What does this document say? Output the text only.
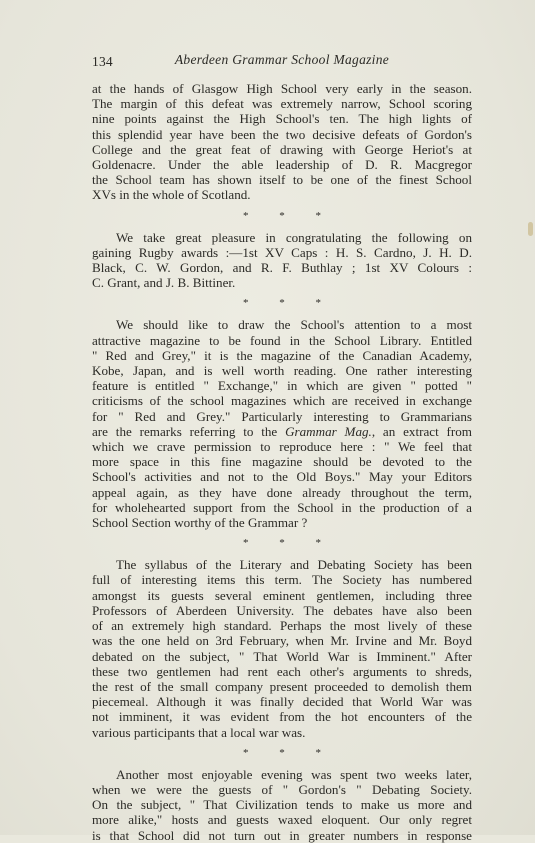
134	Aberdeen Grammar School Magazine

at the hands of Glasgow High School very early in the season.
The margin of this defeat was extremely narrow, School scoring
nine points against the High School's ten. The high lights of
this splendid year have been the two decisive defeats of Gordon's
College and the great feat of drawing with George Heriot's at
Goldenacre. Under the able leadership of D. R. Macgregor
the School team has shown itself to be one of the finest School
XVs in the whole of Scotland.

* * *

We take great pleasure in congratulating the following on
gaining Rugby awards :—1st XV Caps : H. S. Cardno, J. H. D.
Black, C. W. Gordon, and R. F. Buthlay ; 1st XV Colours :
C. Grant, and J. B. Bittiner.

* * *

We should like to draw the School's attention to a most
attractive magazine to be found in the School Library. Entitled
" Red and Grey," it is the magazine of the Canadian Academy,
Kobe, Japan, and is well worth reading. One rather interesting
feature is entitled " Exchange," in which are given " potted "
criticisms of the school magazines which are received in exchange
for " Red and Grey." Particularly interesting to Grammarians
are the remarks referring to the Grammar Mag., an extract from
which we crave permission to reproduce here : " We feel that
more space in this fine magazine should be devoted to the
School's activities and not to the Old Boys." May your Editors
appeal again, as they have done already throughout the term,
for wholehearted support from the School in the production of a
School Section worthy of the Grammar ?

* * *

The syllabus of the Literary and Debating Society has been
full of interesting items this term. The Society has numbered
amongst its guests several eminent gentlemen, including three
Professors of Aberdeen University. The debates have also been
of an extremely high standard. Perhaps the most lively of these
was the one held on 3rd February, when Mr. Irvine and Mr. Boyd
debated on the subject, " That World War is Imminent." After
these two gentlemen had rent each other's arguments to shreds,
the rest of the small company present proceeded to demolish them
piecemeal. Although it was finally decided that World War was
not imminent, it was evident from the hot encounters of the
various participants that a local war was.

* * *

Another most enjoyable evening was spent two weeks later,
when we were the guests of " Gordon's " Debating Society.
On the subject, " That Civilization tends to make us more and
more alike," hosts and guests waxed eloquent. Our only regret
is that School did not turn out in greater numbers in response
